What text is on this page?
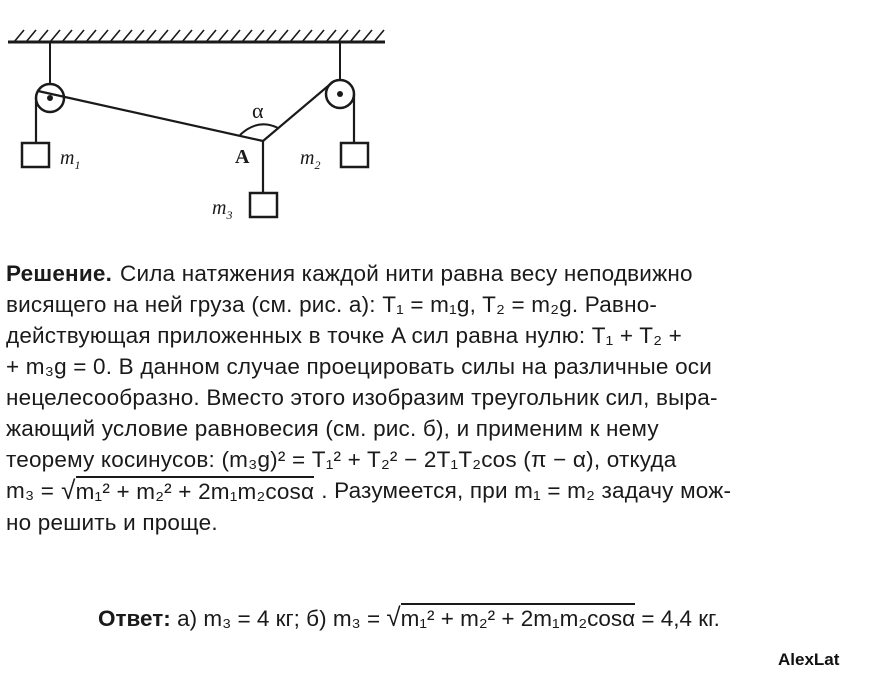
α
A
$m_1$	$m_2$
$m_3$
Решение. Сила натяжения каждой нити равна весу неподвижно
висящего на ней груза (см. рис. а): T₁ = m₁g, T₂ = m₂g. Равно-
действующая приложенных в точке A сил равна нулю: T₁ + T₂ +
+ m₃g = 0. В данном случае проецировать силы на различные оси
нецелесообразно. Вместо этого изобразим треугольник сил, выра-
жающий условие равновесия (см. рис. б), и применим к нему
теорему косинусов: (m₃g)² = T₁² + T₂² − 2T₁T₂cos (π − α), откуда
m₃ = √m₁² + m₂² + 2m₁m₂cosα . Разумеется, при m₁ = m₂ задачу мож-
но решить и проще.
Ответ: а) m₃ = 4 кг; б) m₃ = √m₁² + m₂² + 2m₁m₂cosα = 4,4 кг.
AlexLat
